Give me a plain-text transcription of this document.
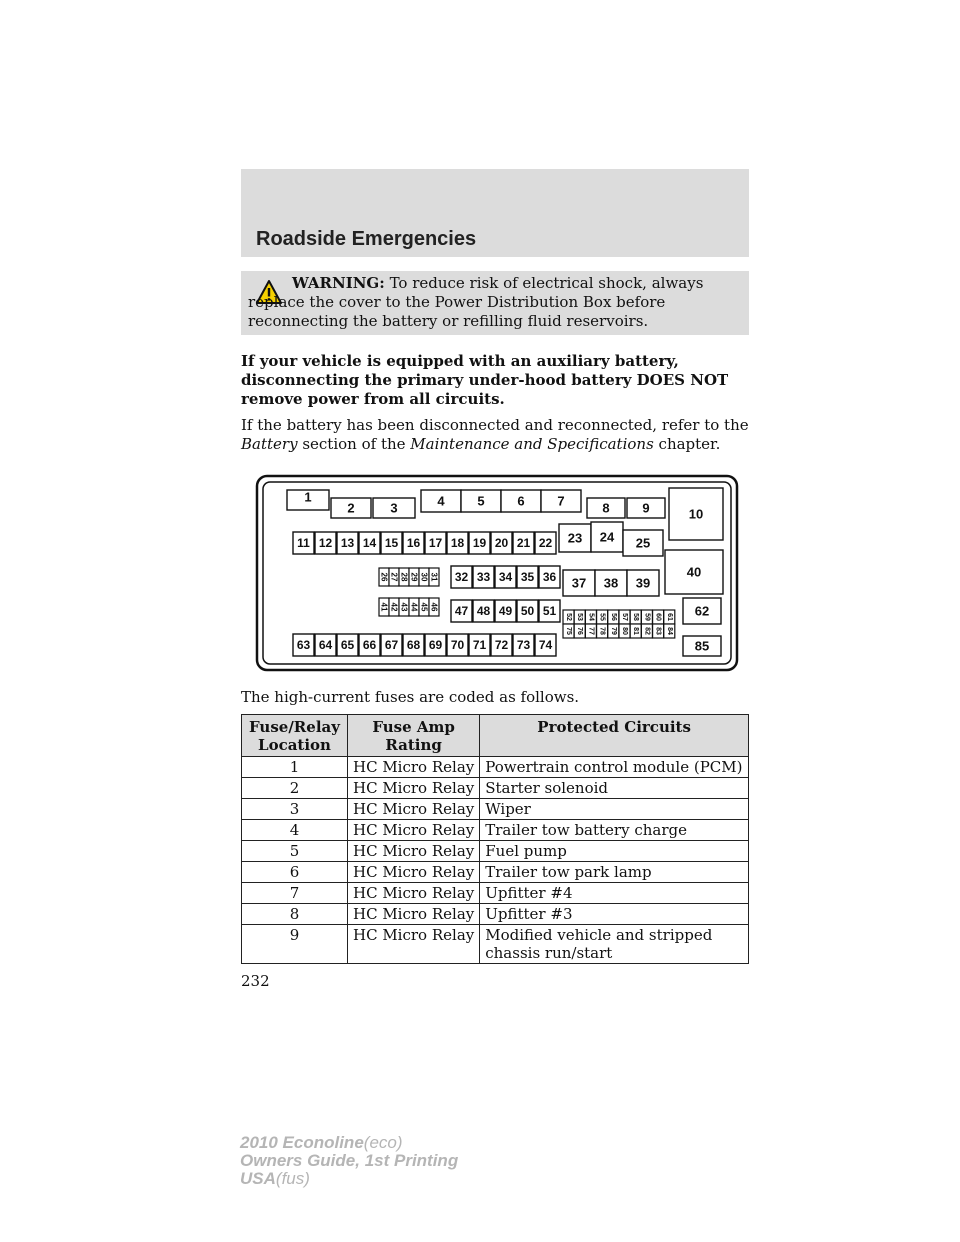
Roadside Emergencies
WARNING: To reduce risk of electrical shock, always replace the cover to the Power Distribution Box before reconnecting the battery or refilling fluid reservoirs.
If your vehicle is equipped with an auxiliary battery, disconnecting the primary under-hood battery DOES NOT remove power from all circuits.
If the battery has been disconnected and reconnected, refer to the
Battery section of the Maintenance and Specifications chapter.
1
2	3	4	5	6	7	8	9	10
11 12 13 14 15 16 17 18 19 20 21 22 23 24 25
26 27 28 29 30 31 32 33 34 35 36 37 38 39
40
41 42 43 44 45 46 47 48 49 50 51	62
52
75
53
76
54
77
55
78
56
79
57
80
58
81
59
82
60
83
61
84
63 64 65 66 67 68 69 70 71 72 73 74	85
The high-current fuses are coded as follows.
Fuse/Relay Location	Fuse Amp Rating	Protected Circuits
1	HC Micro Relay	Powertrain control module (PCM)
2	HC Micro Relay	Starter solenoid
3	HC Micro Relay	Wiper
4	HC Micro Relay	Trailer tow battery charge
5	HC Micro Relay	Fuel pump
6	HC Micro Relay	Trailer tow park lamp
7	HC Micro Relay	Upfitter #4
8	HC Micro Relay	Upfitter #3
9	HC Micro Relay	Modified vehicle and stripped chassis run/start
232
2010 Econoline(eco)
Owners Guide, 1st Printing
USA(fus)
